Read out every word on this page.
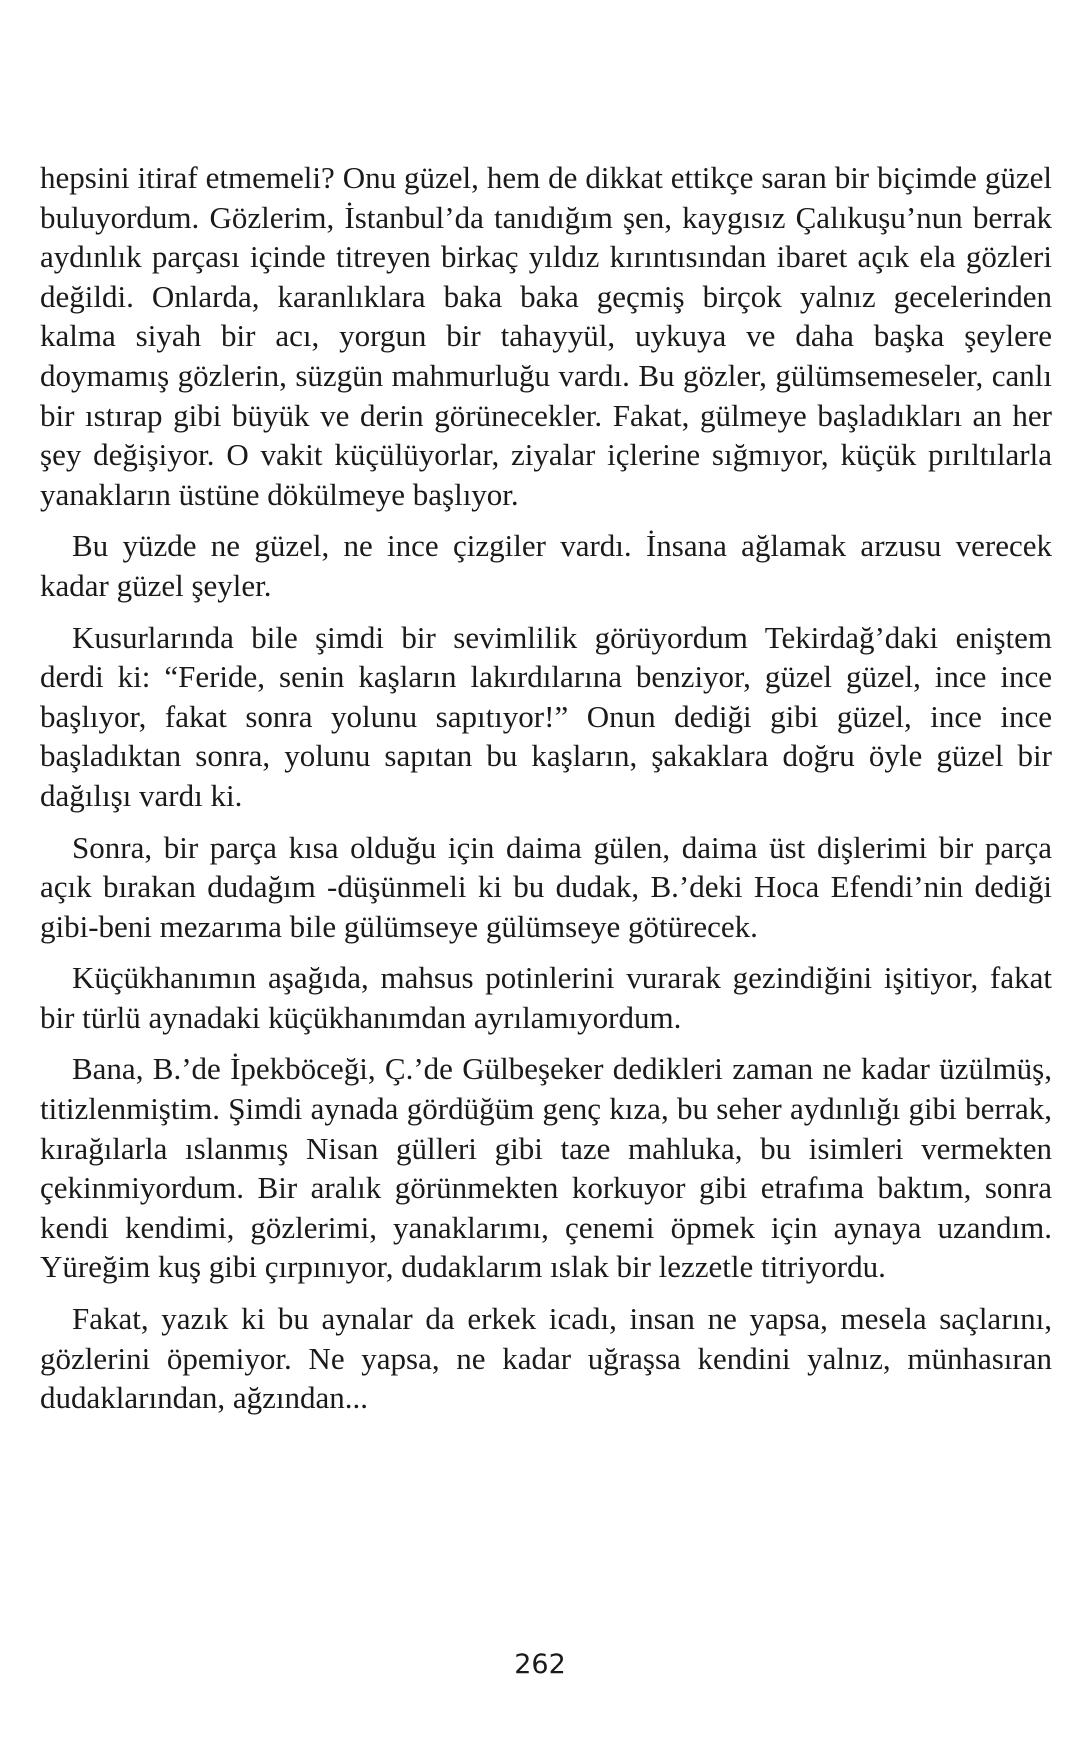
hepsini itiraf etmemeli? Onu güzel, hem de dikkat ettikçe saran bir biçimde güzel buluyordum. Gözlerim, İstanbul’da tanıdığım şen, kaygısız Çalıkuşu’nun berrak aydınlık parçası içinde titreyen birkaç yıldız kırıntısından ibaret açık ela gözleri değildi. Onlarda, karanlıklara baka baka geçmiş birçok yalnız gecelerinden kalma siyah bir acı, yorgun bir tahayyül, uykuya ve daha başka şeylere doymamış gözlerin, süzgün mahmurluğu vardı. Bu gözler, gülümsemeseler, canlı bir ıstırap gibi büyük ve derin görünecekler. Fakat, gülmeye başladıkları an her şey değişiyor. O vakit küçülüyorlar, ziyalar içlerine sığmıyor, küçük pırıltılarla yanakların üstüne dökülmeye başlıyor.

Bu yüzde ne güzel, ne ince çizgiler vardı. İnsana ağlamak arzusu verecek kadar güzel şeyler.

Kusurlarında bile şimdi bir sevimlilik görüyordum Tekirdağ’daki eniştem derdi ki: “Feride, senin kaşların lakırdılarına benziyor, güzel güzel, ince ince başlıyor, fakat sonra yolunu sapıtıyor!” Onun dediği gibi güzel, ince ince başladıktan sonra, yolunu sapıtan bu kaşların, şakaklara doğru öyle güzel bir dağılışı vardı ki.

Sonra, bir parça kısa olduğu için daima gülen, daima üst dişlerimi bir parça açık bırakan dudağım -düşünmeli ki bu dudak, B.’deki Hoca Efendi’nin dediği gibi-beni mezarıma bile gülümseye gülümseye götürecek.

Küçükhanımın aşağıda, mahsus potinlerini vurarak gezindiğini işitiyor, fakat bir türlü aynadaki küçükhanımdan ayrılamıyordum.

Bana, B.’de İpekböceği, Ç.’de Gülbeşeker dedikleri zaman ne kadar üzülmüş, titizlenmiştim. Şimdi aynada gördüğüm genç kıza, bu seher aydınlığı gibi berrak, kırağılarla ıslanmış Nisan gülleri gibi taze mahluka, bu isimleri vermekten çekinmiyordum. Bir aralık görünmekten korkuyor gibi etrafıma baktım, sonra kendi kendimi, gözlerimi, yanaklarımı, çenemi öpmek için aynaya uzandım. Yüreğim kuş gibi çırpınıyor, dudaklarım ıslak bir lezzetle titriyordu.

Fakat, yazık ki bu aynalar da erkek icadı, insan ne yapsa, mesela saçlarını, gözlerini öpemiyor. Ne yapsa, ne kadar uğraşsa kendini yalnız, münhasıran dudaklarından, ağzından...

262
